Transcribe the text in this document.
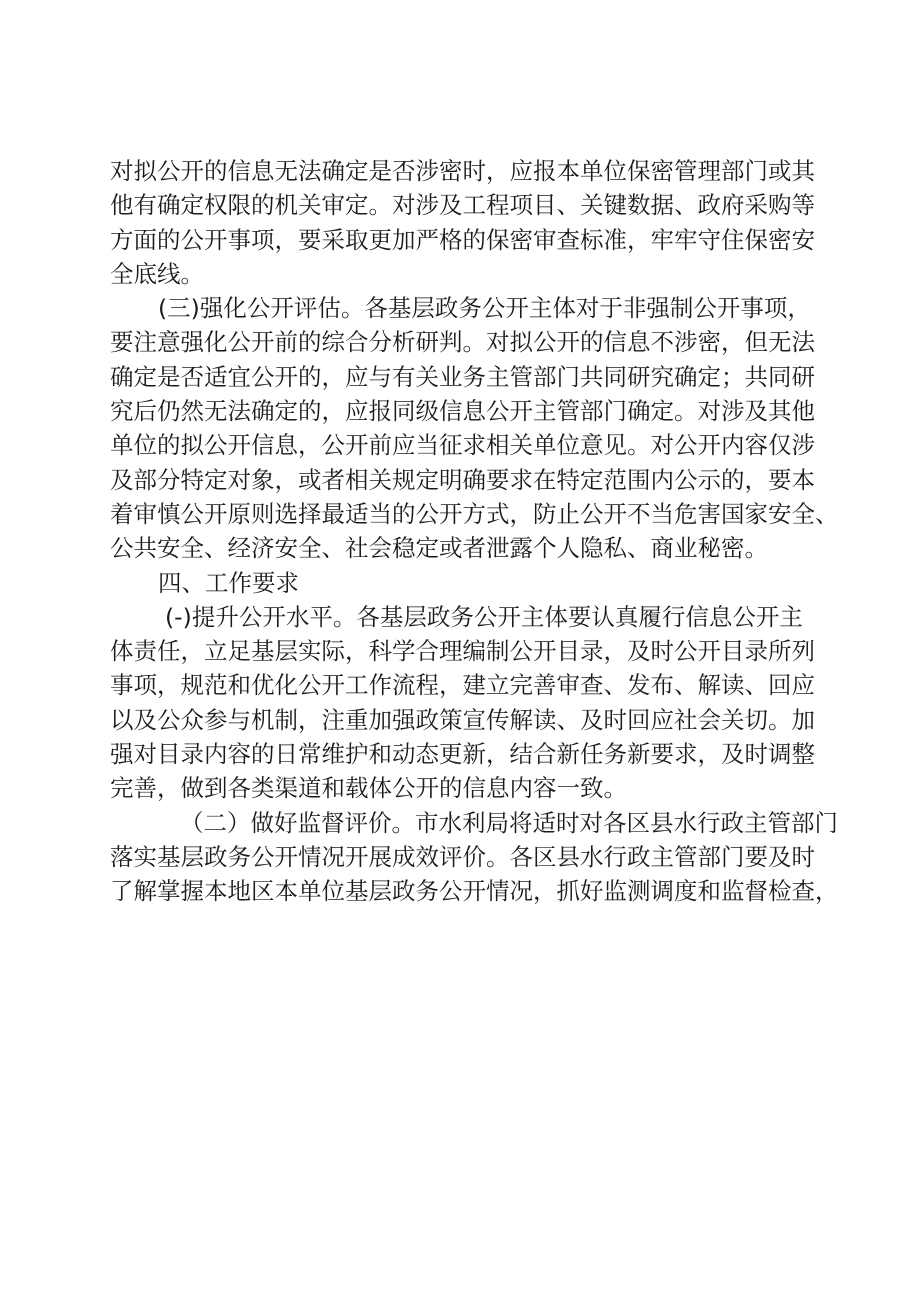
对拟公开的信息无法确定是否涉密时，应报本单位保密管理部门或其
他有确定权限的机关审定。对涉及工程项目、关键数据、政府采购等
方面的公开事项，要采取更加严格的保密审查标准，牢牢守住保密安
全底线。
(三)强化公开评估。各基层政务公开主体对于非强制公开事项，
要注意强化公开前的综合分析研判。对拟公开的信息不涉密，但无法
确定是否适宜公开的，应与有关业务主管部门共同研究确定；共同研
究后仍然无法确定的，应报同级信息公开主管部门确定。对涉及其他
单位的拟公开信息，公开前应当征求相关单位意见。对公开内容仅涉
及部分特定对象，或者相关规定明确要求在特定范围内公示的，要本
着审慎公开原则选择最适当的公开方式，防止公开不当危害国家安全、
公共安全、经济安全、社会稳定或者泄露个人隐私、商业秘密。
四、工作要求
(-)提升公开水平。各基层政务公开主体要认真履行信息公开主
体责任，立足基层实际，科学合理编制公开目录，及时公开目录所列
事项，规范和优化公开工作流程，建立完善审查、发布、解读、回应
以及公众参与机制，注重加强政策宣传解读、及时回应社会关切。加
强对目录内容的日常维护和动态更新，结合新任务新要求，及时调整
完善，做到各类渠道和载体公开的信息内容一致。
（二）做好监督评价。市水利局将适时对各区县水行政主管部门
落实基层政务公开情况开展成效评价。各区县水行政主管部门要及时
了解掌握本地区本单位基层政务公开情况，抓好监测调度和监督检查，
